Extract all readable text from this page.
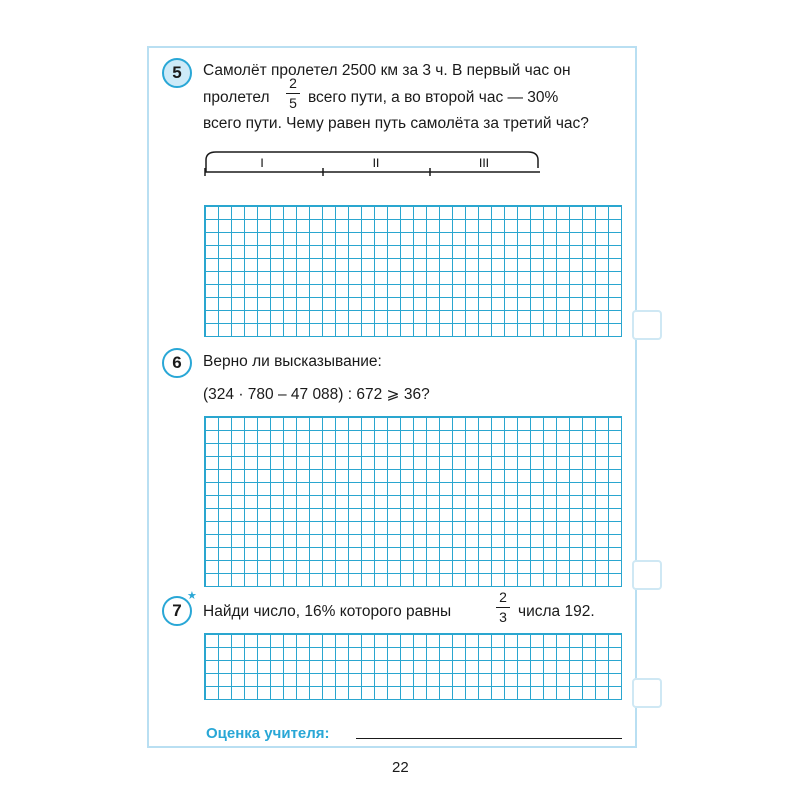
5	Самолёт пролетел 2500 км за 3 ч. В первый час он
пролетел
2
5 всего пути, а во второй час — 30%
всего пути. Чему равен путь самолёта за третий час?
I	II	III
6	Верно ли высказывание:
(324 · 780 – 47 088) : 672 ⩾ 36?
7
★
Найди число, 16% которого равны
2
3 числа 192.
Оценка учителя:
22
